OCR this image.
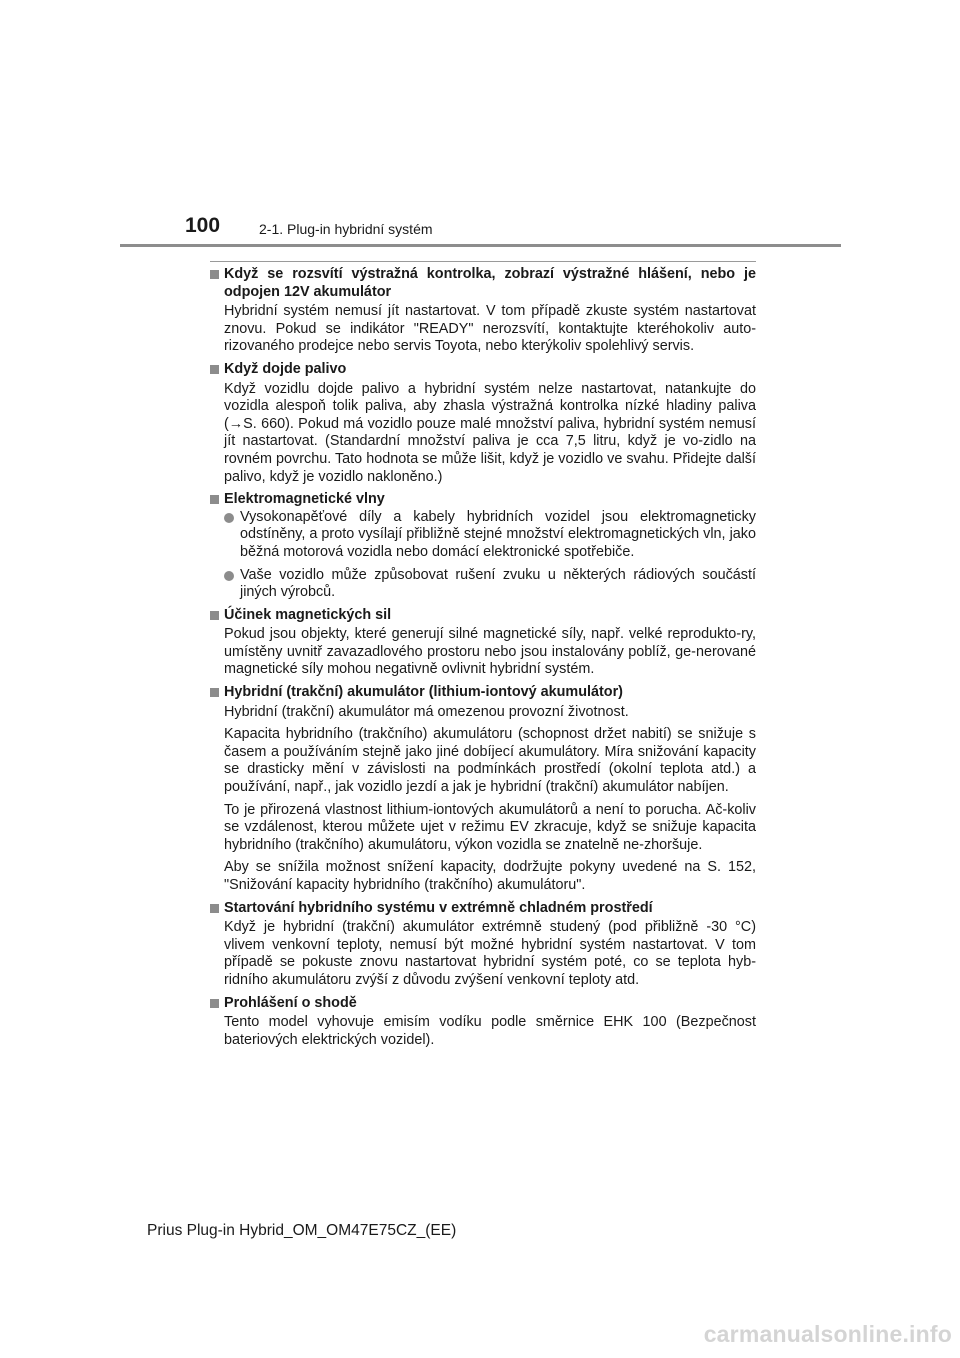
100	2-1. Plug-in hybridní systém
Když se rozsvítí výstražná kontrolka, zobrazí výstražné hlášení, nebo je odpojen 12V akumulátor
Hybridní systém nemusí jít nastartovat. V tom případě zkuste systém nastartovat znovu. Pokud se indikátor "READY" nerozsvítí, kontaktujte kteréhokoliv auto-rizovaného prodejce nebo servis Toyota, nebo kterýkoliv spolehlivý servis.
Když dojde palivo
Když vozidlu dojde palivo a hybridní systém nelze nastartovat, natankujte do vozidla alespoň tolik paliva, aby zhasla výstražná kontrolka nízké hladiny paliva (→S. 660). Pokud má vozidlo pouze malé množství paliva, hybridní systém nemusí jít nastartovat. (Standardní množství paliva je cca 7,5 litru, když je vo-zidlo na rovném povrchu. Tato hodnota se může lišit, když je vozidlo ve svahu. Přidejte další palivo, když je vozidlo nakloněno.)
Elektromagnetické vlny
Vysokonapěťové díly a kabely hybridních vozidel jsou elektromagneticky odstíněny, a proto vysílají přibližně stejné množství elektromagnetických vln, jako běžná motorová vozidla nebo domácí elektronické spotřebiče.
Vaše vozidlo může způsobovat rušení zvuku u některých rádiových součástí jiných výrobců.
Účinek magnetických sil
Pokud jsou objekty, které generují silné magnetické síly, např. velké reprodukto-ry, umístěny uvnitř zavazadlového prostoru nebo jsou instalovány poblíž, ge-nerované magnetické síly mohou negativně ovlivnit hybridní systém.
Hybridní (trakční) akumulátor (lithium-iontový akumulátor)
Hybridní (trakční) akumulátor má omezenou provozní životnost.
Kapacita hybridního (trakčního) akumulátoru (schopnost držet nabití) se snižuje s časem a používáním stejně jako jiné dobíjecí akumulátory. Míra snižování kapacity se drasticky mění v závislosti na podmínkách prostředí (okolní teplota atd.) a používání, např., jak vozidlo jezdí a jak je hybridní (trakční) akumulátor nabíjen.
To je přirozená vlastnost lithium-iontových akumulátorů a není to porucha. Ač-koliv se vzdálenost, kterou můžete ujet v režimu EV zkracuje, když se snižuje kapacita hybridního (trakčního) akumulátoru, výkon vozidla se znatelně ne-zhoršuje.
Aby se snížila možnost snížení kapacity, dodržujte pokyny uvedené na S. 152, "Snižování kapacity hybridního (trakčního) akumulátoru".
Startování hybridního systému v extrémně chladném prostředí
Když je hybridní (trakční) akumulátor extrémně studený (pod přibližně -30 °C) vlivem venkovní teploty, nemusí být možné hybridní systém nastartovat. V tom případě se pokuste znovu nastartovat hybridní systém poté, co se teplota hyb-ridního akumulátoru zvýší z důvodu zvýšení venkovní teploty atd.
Prohlášení o shodě
Tento model vyhovuje emisím vodíku podle směrnice EHK 100 (Bezpečnost bateriových elektrických vozidel).
Prius Plug-in Hybrid_OM_OM47E75CZ_(EE)
carmanualsonline.info
